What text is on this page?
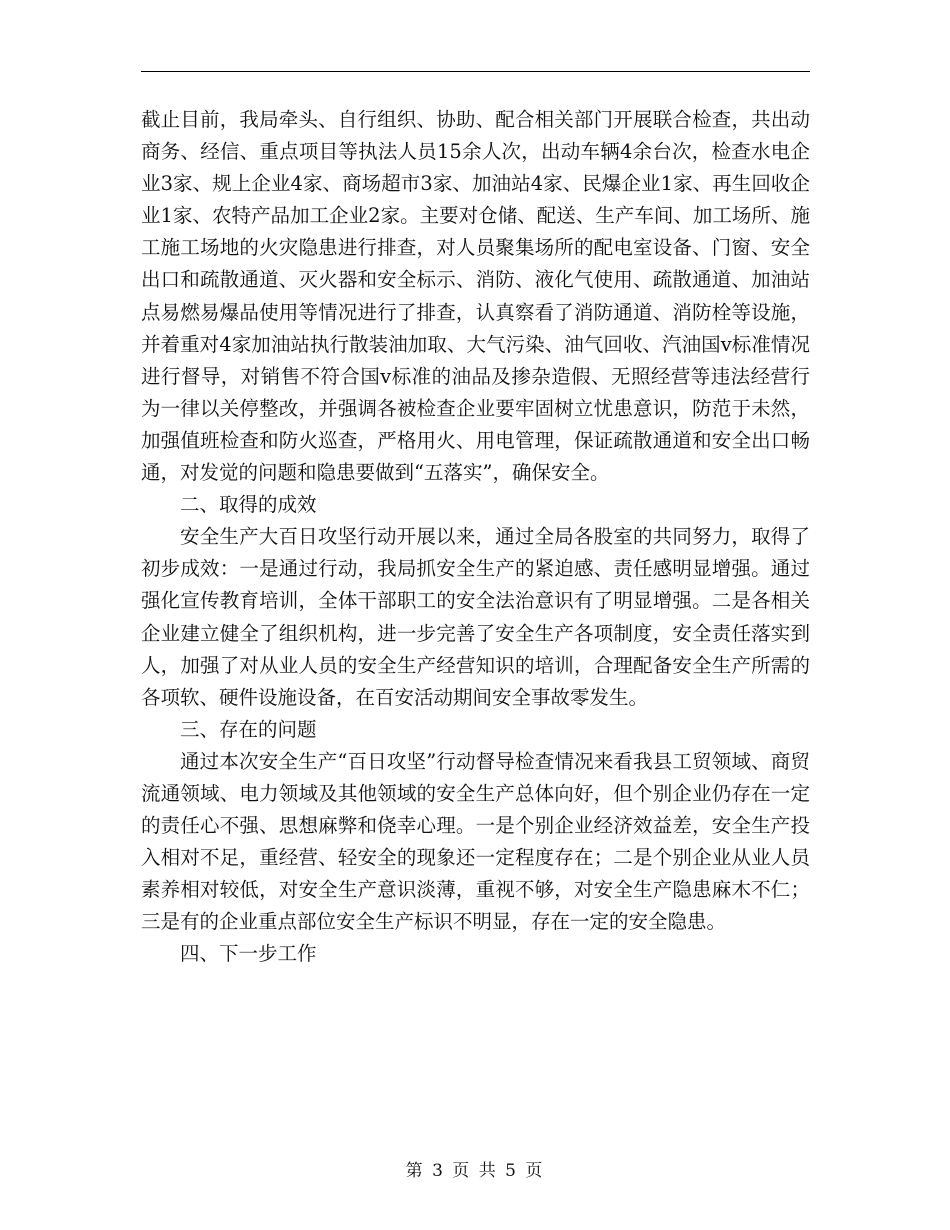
截止目前，我局牵头、自行组织、协助、配合相关部门开展联合检查，共出动商务、经信、重点项目等执法人员15余人次，出动车辆4余台次，检查水电企业3家、规上企业4家、商场超市3家、加油站4家、民爆企业1家、再生回收企业1家、农特产品加工企业2家。主要对仓储、配送、生产车间、加工场所、施工施工场地的火灾隐患进行排查，对人员聚集场所的配电室设备、门窗、安全出口和疏散通道、灭火器和安全标示、消防、液化气使用、疏散通道、加油站点易燃易爆品使用等情况进行了排查，认真察看了消防通道、消防栓等设施，并着重对4家加油站执行散装油加取、大气污染、油气回收、汽油国v标准情况进行督导，对销售不符合国v标准的油品及掺杂造假、无照经营等违法经营行为一律以关停整改，并强调各被检查企业要牢固树立忧患意识，防范于未然，加强值班检查和防火巡查，严格用火、用电管理，保证疏散通道和安全出口畅通，对发觉的问题和隐患要做到“五落实”，确保安全。

二、取得的成效

安全生产大百日攻坚行动开展以来，通过全局各股室的共同努力，取得了初步成效：一是通过行动，我局抓安全生产的紧迫感、责任感明显增强。通过强化宣传教育培训，全体干部职工的安全法治意识有了明显增强。二是各相关企业建立健全了组织机构，进一步完善了安全生产各项制度，安全责任落实到人，加强了对从业人员的安全生产经营知识的培训，合理配备安全生产所需的各项软、硬件设施设备，在百安活动期间安全事故零发生。

三、存在的问题

通过本次安全生产“百日攻坚”行动督导检查情况来看我县工贸领域、商贸流通领域、电力领域及其他领域的安全生产总体向好，但个别企业仍存在一定的责任心不强、思想麻弊和侥幸心理。一是个别企业经济效益差，安全生产投入相对不足，重经营、轻安全的现象还一定程度存在；二是个别企业从业人员素养相对较低，对安全生产意识淡薄，重视不够，对安全生产隐患麻木不仁；三是有的企业重点部位安全生产标识不明显，存在一定的安全隐患。

四、下一步工作

第 3 页 共 5 页
